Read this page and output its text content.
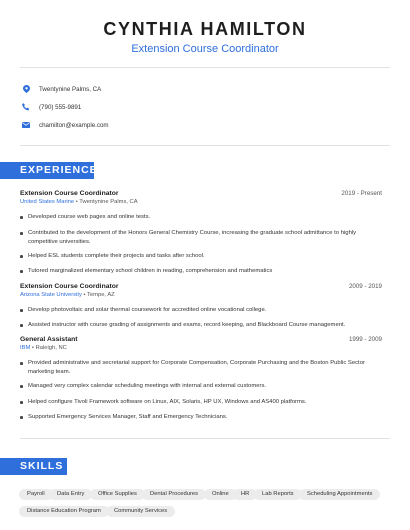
CYNTHIA HAMILTON
Extension Course Coordinator
Twentynine Palms, CA
(790) 555-9891
chamilton@example.com
EXPERIENCE
Extension Course Coordinator	2019 - Present
United States Marine • Twentynine Palms, CA
Developed course web pages and online tests.
Contributed to the development of the Honors General Chemistry Course, increasing the graduate school admittance to highly competitive universities.
Helped ESL students complete their projects and tasks after school.
Tutored marginalized elementary school children in reading, comprehension and mathematics
Extension Course Coordinator	2009 - 2019
Arizona State University • Tempe, AZ
Develop photovoltaic and solar thermal coursework for accredited online vocational college.
Assisted instructor with course grading of assignments and exams, record keeping, and Blackboard Course management.
General Assistant	1999 - 2009
IBM • Raleigh, NC
Provided administrative and secretarial support for Corporate Compensation, Corporate Purchasing and the Boston Public Sector marketing team.
Managed very complex calendar scheduling meetings with internal and external customers.
Helped configure Tivoli Framework software on Linux, AIX, Solaris, HP UX, Windows and AS400 platforms.
Supported Emergency Services Manager, Staff and Emergency Technicians.
SKILLS
Payroll	Data Entry	Office Supplies	Dental Procedures	Online	HR	Lab Reports	Scheduling Appointments
Distance Education Program	Community Services
